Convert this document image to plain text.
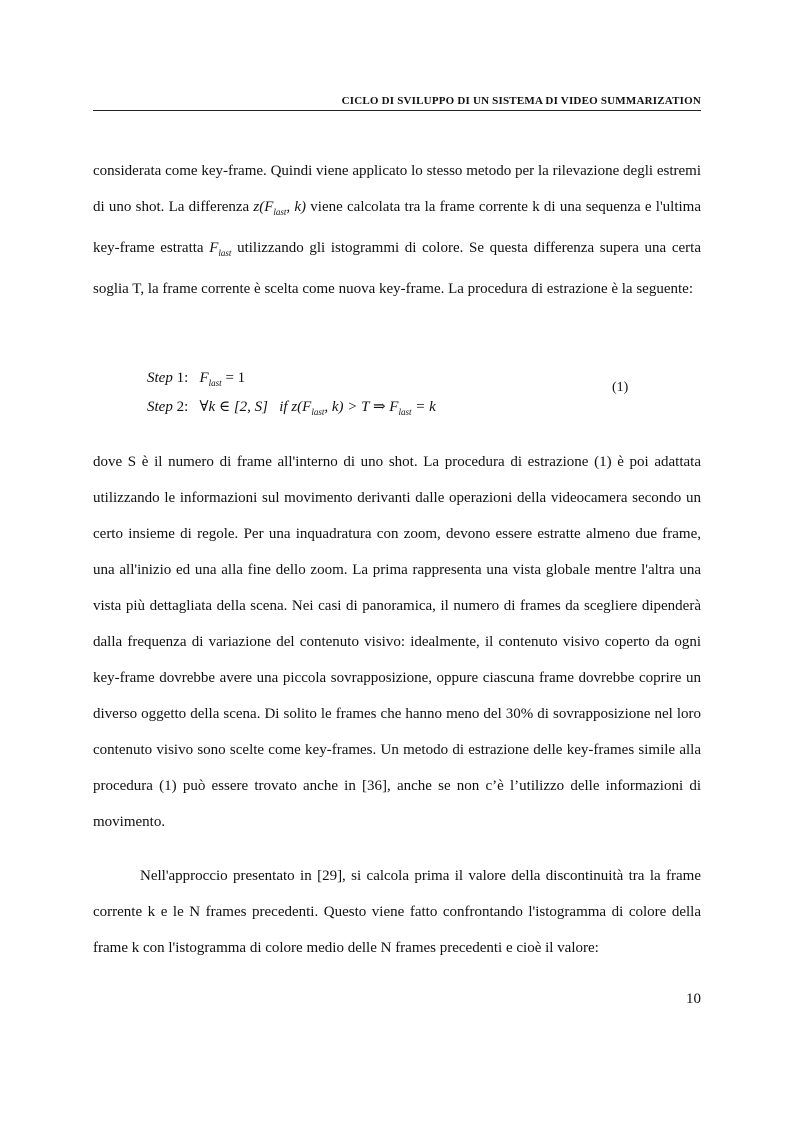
CICLO DI SVILUPPO DI UN SISTEMA DI VIDEO SUMMARIZATION

considerata come key-frame. Quindi viene applicato lo stesso metodo per la rilevazione degli estremi di uno shot. La differenza $z(F_{last}$, k) viene calcolata tra la frame corrente k di una sequenza e l'ultima key-frame estratta $F_{last}$ utilizzando gli istogrammi di colore. Se questa differenza supera una certa soglia T, la frame corrente è scelta come nuova key-frame. La procedura di estrazione è la seguente:

Step 1: $F_{last} = 1$
Step 2: ∀k ∈ [2, S] if $z(F_{last}$, k) > T ⇒ $F_{last} = k$
(1)

dove S è il numero di frame all'interno di uno shot. La procedura di estrazione (1) è poi adattata utilizzando le informazioni sul movimento derivanti dalle operazioni della videocamera secondo un certo insieme di regole. Per una inquadratura con zoom, devono essere estratte almeno due frame, una all'inizio ed una alla fine dello zoom. La prima rappresenta una vista globale mentre l'altra una vista più dettagliata della scena. Nei casi di panoramica, il numero di frames da scegliere dipenderà dalla frequenza di variazione del contenuto visivo: idealmente, il contenuto visivo coperto da ogni key-frame dovrebbe avere una piccola sovrapposizione, oppure ciascuna frame dovrebbe coprire un diverso oggetto della scena. Di solito le frames che hanno meno del 30% di sovrapposizione nel loro contenuto visivo sono scelte come key-frames. Un metodo di estrazione delle key-frames simile alla procedura (1) può essere trovato anche in [36], anche se non c’è l’utilizzo delle informazioni di movimento.

Nell'approccio presentato in [29], si calcola prima il valore della discontinuità tra la frame corrente k e le N frames precedenti. Questo viene fatto confrontando l'istogramma di colore della frame k con l'istogramma di colore medio delle N frames precedenti e cioè il valore:

10
